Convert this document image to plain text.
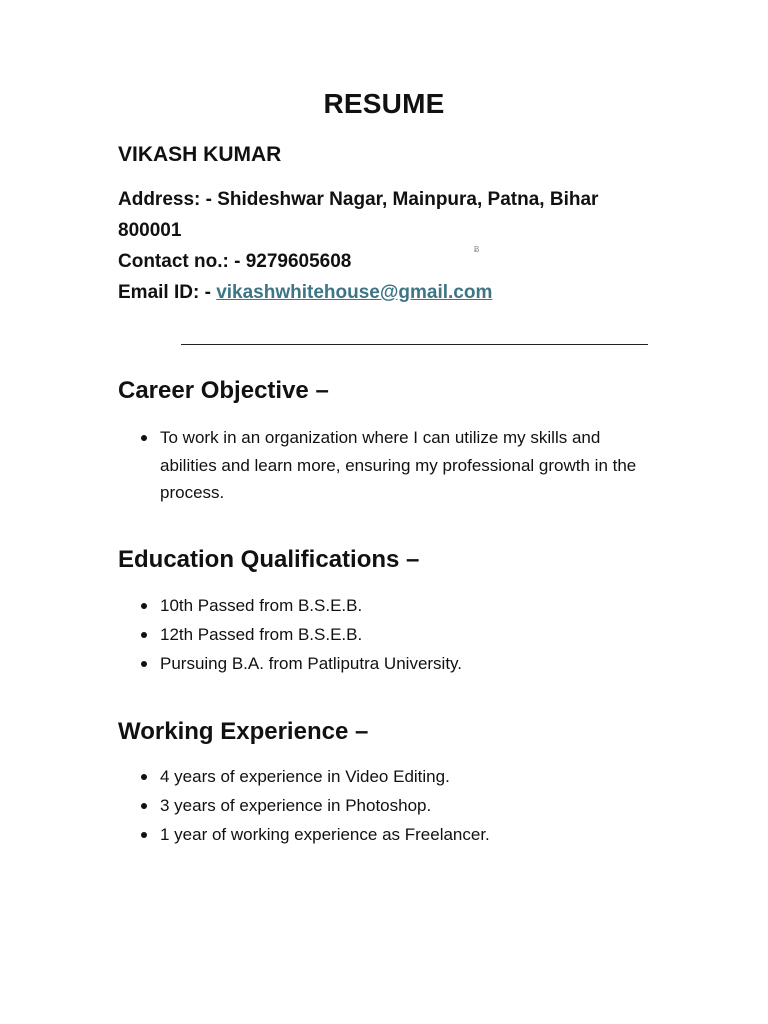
RESUME
VIKASH KUMAR
Address: - Shideshwar Nagar, Mainpura, Patna, Bihar 800001
Contact no.: - 9279605608
Email ID: - vikashwhitehouse@gmail.com
Ƀ
Career Objective –
To work in an organization where I can utilize my skills and abilities and learn more, ensuring my professional growth in the process.
Education Qualifications –
10th Passed from B.S.E.B.
12th Passed from B.S.E.B.
Pursuing B.A. from Patliputra University.
Working Experience –
4 years of experience in Video Editing.
3 years of experience in Photoshop.
1 year of working experience as Freelancer.
